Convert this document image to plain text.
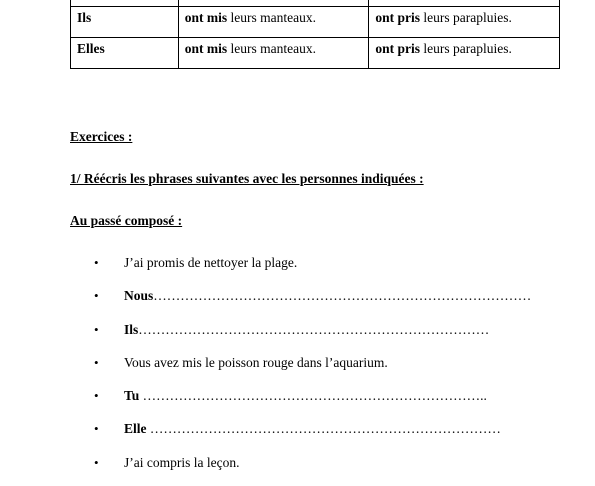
Ils	ont mis leurs manteaux.	ont pris leurs parapluies.
Elles	ont mis leurs manteaux.	ont pris leurs parapluies.
Exercices :
1/ Réécris les phrases suivantes avec les personnes indiquées :
Au passé composé :
• J’ai promis de nettoyer la plage.
• Nous…………………………………………………………………………
• Ils……………………………………………………………………
• Vous avez mis le poisson rouge dans l’aquarium.
• Tu …………………………………………………………………..
• Elle ……………………………………………………………………
• J’ai compris la leçon.
